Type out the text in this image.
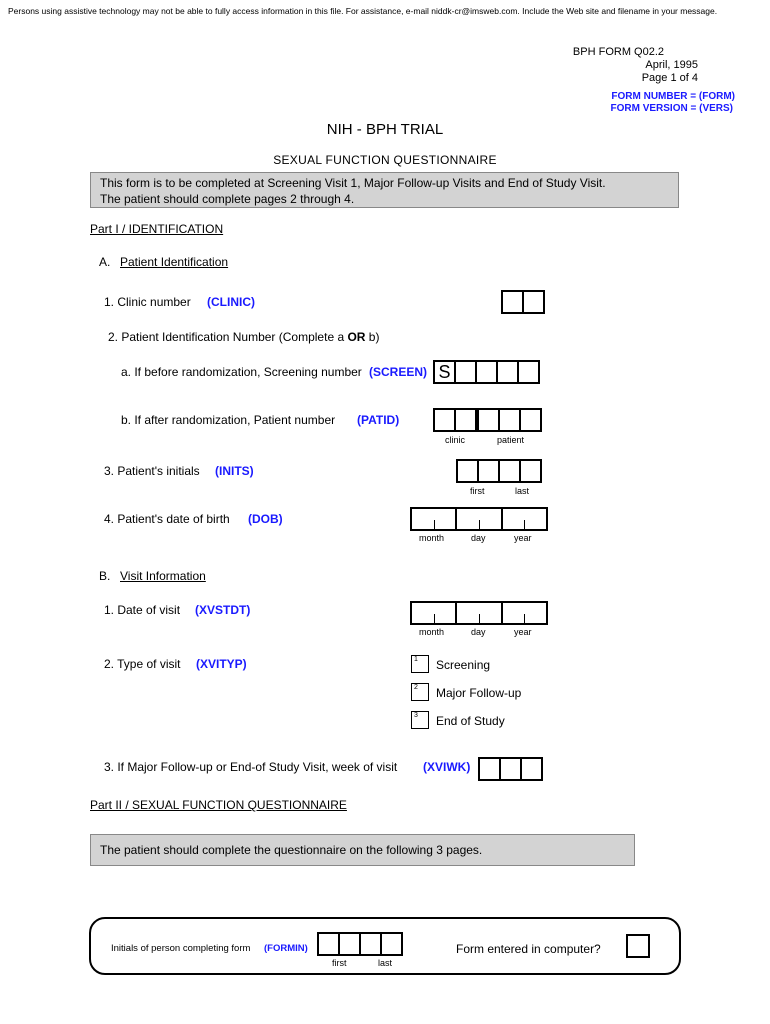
Persons using assistive technology may not be able to fully access information in this file. For assistance, e-mail niddk-cr@imsweb.com. Include the Web site and filename in your message.
BPH FORM Q02.2
April, 1995
Page 1 of 4
FORM NUMBER = (FORM)
FORM VERSION = (VERS)
NIH - BPH TRIAL
SEXUAL FUNCTION QUESTIONNAIRE
This form is to be completed at Screening Visit 1, Major Follow-up Visits and End of Study Visit.
The patient should complete pages 2 through 4.
Part I / IDENTIFICATION
A. Patient Identification
1. Clinic number (CLINIC)
2. Patient Identification Number (Complete a OR b)
a. If before randomization, Screening number (SCREEN) S
b. If after randomization, Patient number (PATID)
clinic	patient
3. Patient's initials (INITS)
first	last
4. Patient's date of birth (DOB)
month	day	year
B. Visit Information
1. Date of visit (XVSTDT)
month	day	year
2. Type of visit (XVITYP)	1 Screening
2 Major Follow-up
3 End of Study
3. If Major Follow-up or End-of Study Visit, week of visit (XVIWK)
Part II / SEXUAL FUNCTION QUESTIONNAIRE
The patient should complete the questionnaire on the following 3 pages.
Initials of person completing form (FORMIN)
first	last
Form entered in computer?
